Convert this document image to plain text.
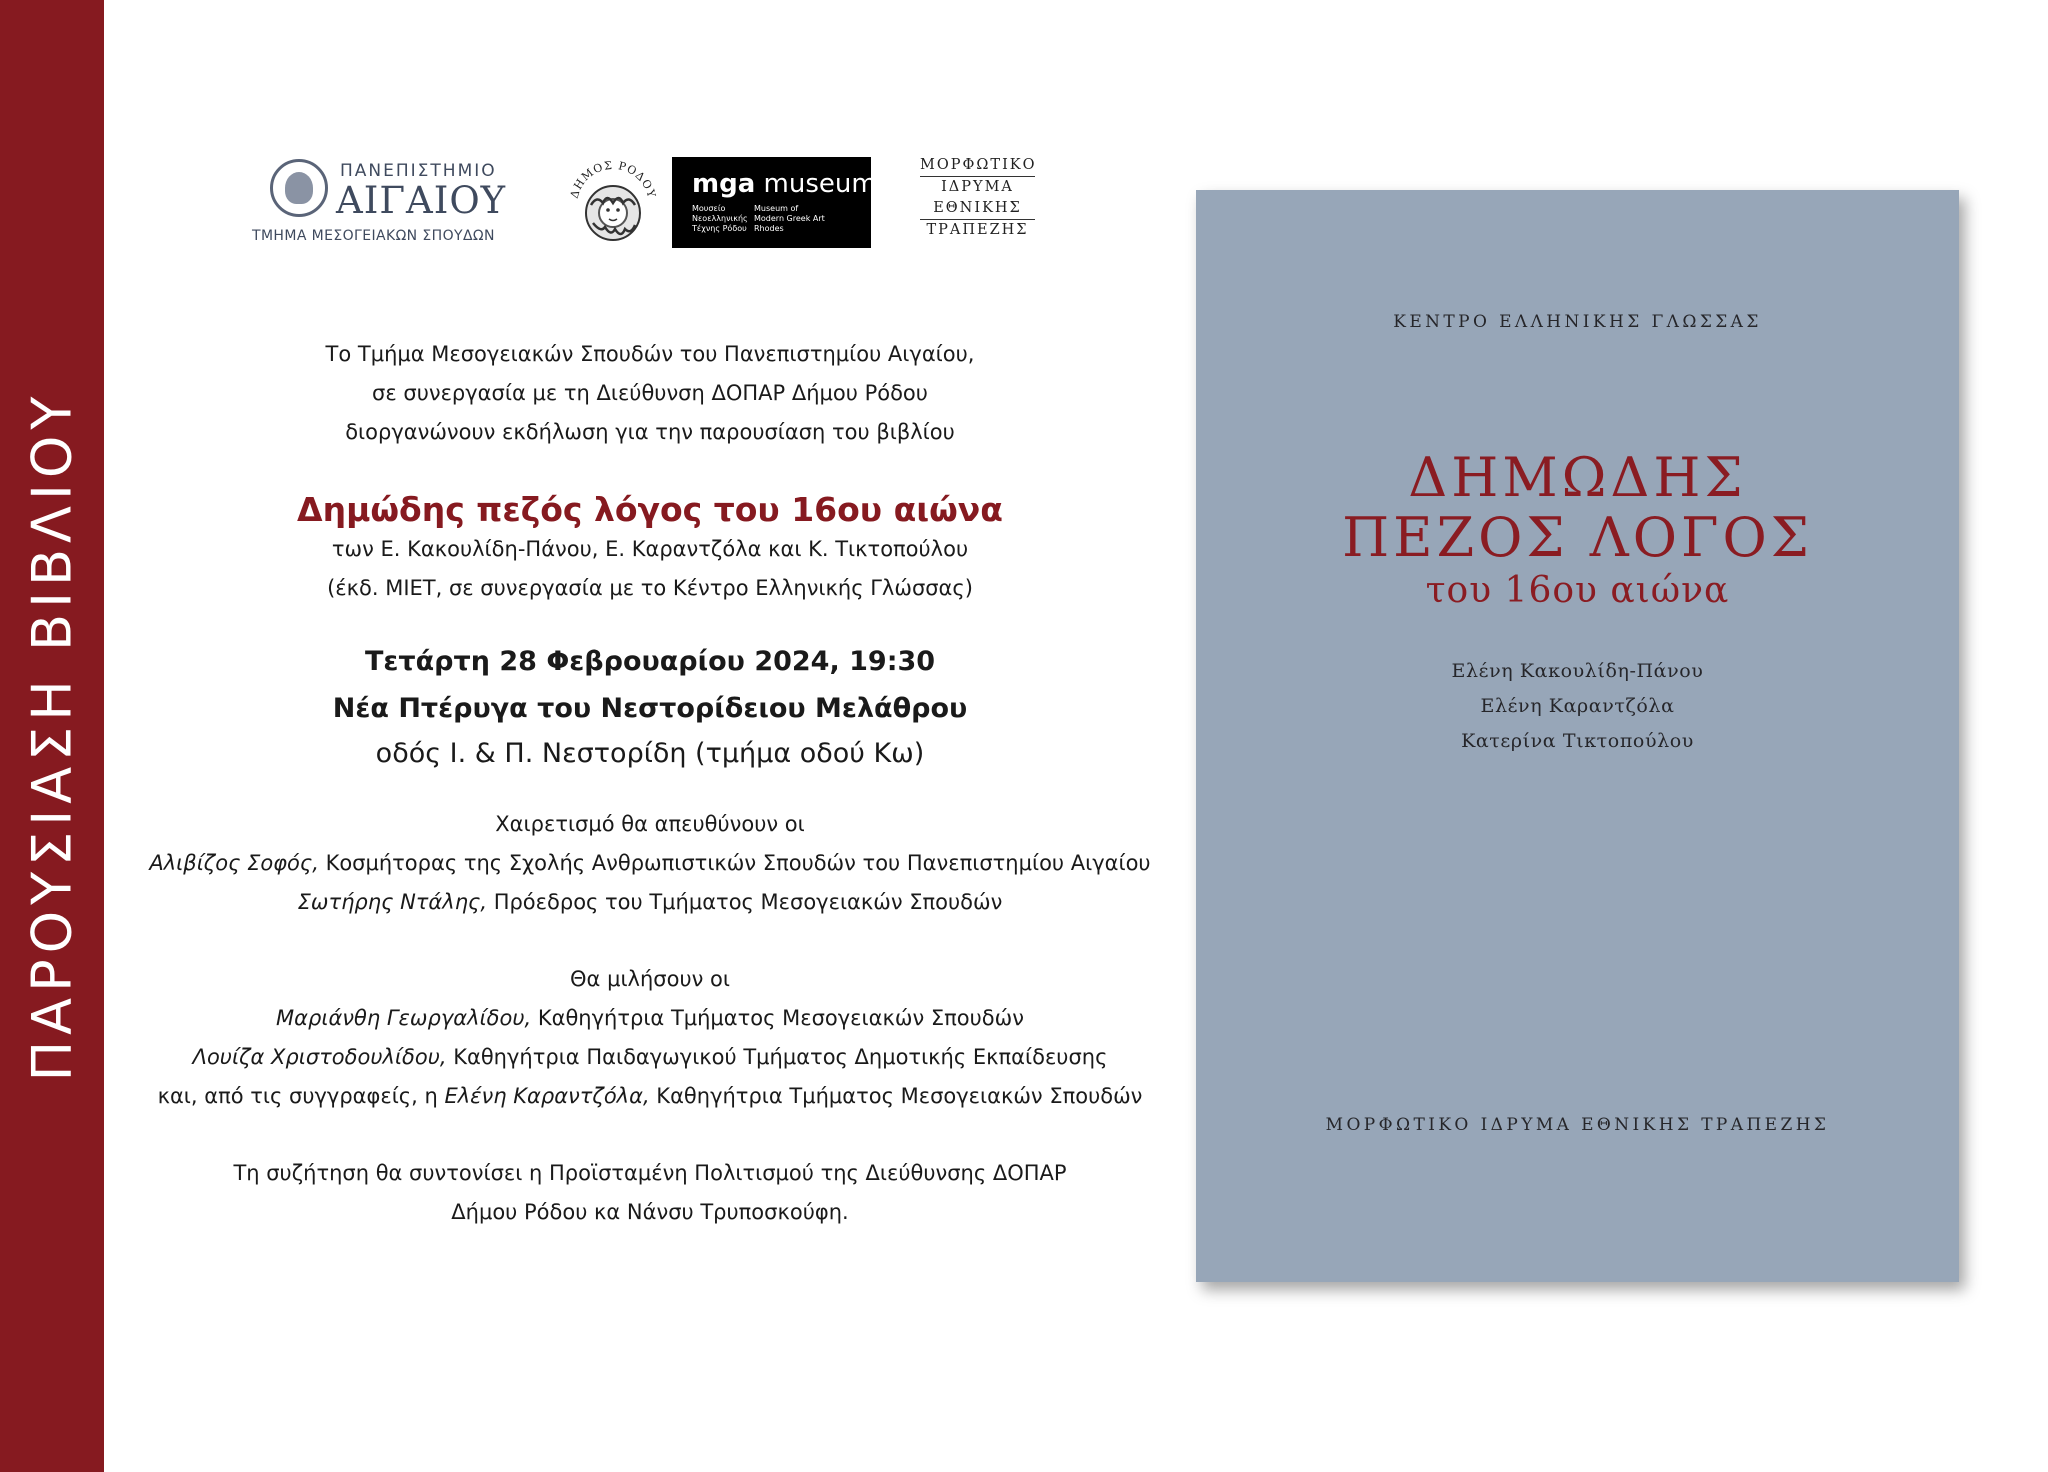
ΠΑΡΟΥΣΙΑΣΗ ΒΙΒΛΙΟΥ
ΠΑΝΕΠΙΣΤΗΜΙΟ
ΑΙΓΑΙΟΥ
ΤΜΗΜΑ ΜΕΣΟΓΕΙΑΚΩΝ ΣΠΟΥΔΩΝ
ΔΗΜΟΣ ΡΟΔΟΥ mga museum
Μουσείο
Νεοελληνικής
Τέχνης Ρόδου
Museum of
Modern Greek Art
Rhodes
ΜΟΡΦΩΤΙΚΟ
ΙΔΡΥΜΑ
ΕΘΝΙΚΗΣ
ΤΡΑΠΕΖΗΣ

Το Τμήμα Μεσογειακών Σπουδών του Πανεπιστημίου Αιγαίου,

σε συνεργασία με τη Διεύθυνση ΔΟΠΑΡ Δήμου Ρόδου

διοργανώνουν εκδήλωση για την παρουσίαση του βιβλίου

Δημώδης πεζός λόγος του 16ου αιώνα

των Ε. Κακουλίδη-Πάνου, Ε. Καραντζόλα και Κ. Τικτοπούλου

(έκδ. ΜΙΕΤ, σε συνεργασία με το Κέντρο Ελληνικής Γλώσσας)

Τετάρτη 28 Φεβρουαρίου 2024, 19:30

Νέα Πτέρυγα του Νεστορίδειου Μελάθρου

οδός Ι. & Π. Νεστορίδη (τμήμα οδού Κω)

Χαιρετισμό θα απευθύνουν οι

Αλιβίζος Σοφός, Κοσμήτορας της Σχολής Ανθρωπιστικών Σπουδών του Πανεπιστημίου Αιγαίου

Σωτήρης Ντάλης, Πρόεδρος του Τμήματος Μεσογειακών Σπουδών

Θα μιλήσουν οι

Μαριάνθη Γεωργαλίδου, Καθηγήτρια Τμήματος Μεσογειακών Σπουδών

Λουίζα Χριστοδουλίδου, Καθηγήτρια Παιδαγωγικού Τμήματος Δημοτικής Εκπαίδευσης

και, από τις συγγραφείς, η Ελένη Καραντζόλα, Καθηγήτρια Τμήματος Μεσογειακών Σπουδών

Τη συζήτηση θα συντονίσει η Προϊσταμένη Πολιτισμού της Διεύθυνσης ΔΟΠΑΡ

Δήμου Ρόδου κα Νάνσυ Τρυποσκούφη.

ΚΕΝΤΡΟ ΕΛΛΗΝΙΚΗΣ ΓΛΩΣΣΑΣ
ΔΗΜΩΔΗΣ
ΠΕΖΟΣ ΛΟΓΟΣ
του 16ου αιώνα
Ελένη Κακουλίδη-Πάνου
Ελένη Καραντζόλα
Κατερίνα Τικτοπούλου
ΜΟΡΦΩΤΙΚΟ ΙΔΡΥΜΑ ΕΘΝΙΚΗΣ ΤΡΑΠΕΖΗΣ
